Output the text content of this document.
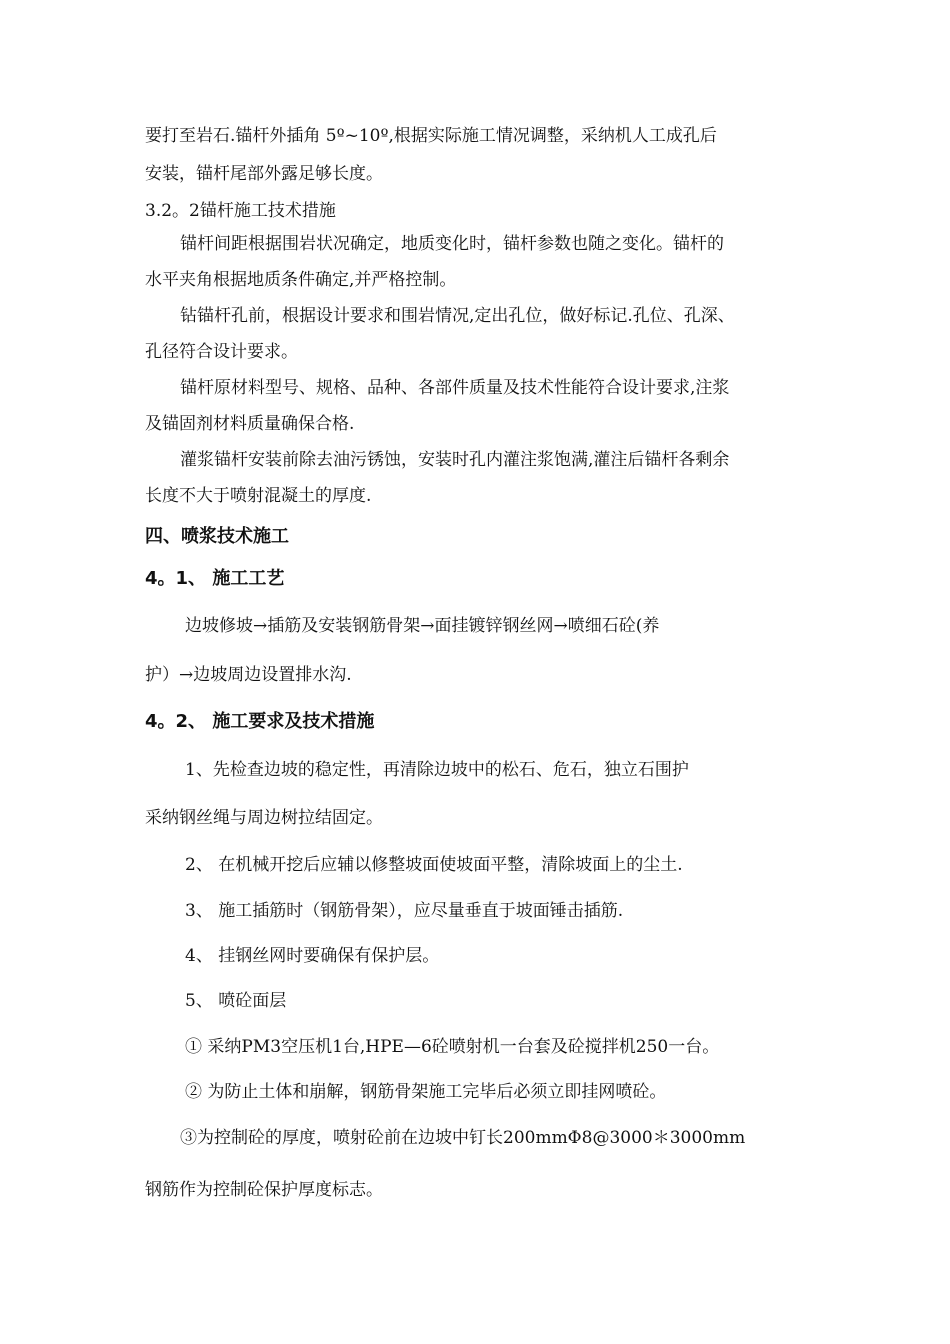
要打至岩石.锚杆外插角 5º~10º,根据实际施工情况调整，采纳机人工成孔后
安装，锚杆尾部外露足够长度。
3.2。2锚杆施工技术措施
锚杆间距根据围岩状况确定，地质变化时，锚杆参数也随之变化。锚杆的
水平夹角根据地质条件确定,并严格控制。
钻锚杆孔前，根据设计要求和围岩情况,定出孔位，做好标记.孔位、孔深、
孔径符合设计要求。
锚杆原材料型号、规格、品种、各部件质量及技术性能符合设计要求,注浆
及锚固剂材料质量确保合格.
灌浆锚杆安装前除去油污锈蚀，安装时孔内灌注浆饱满,灌注后锚杆各剩余
长度不大于喷射混凝土的厚度.
四、喷浆技术施工
4。1、 施工工艺
边坡修坡→插筋及安装钢筋骨架→面挂镀锌钢丝网→喷细石砼(养
护）→边坡周边设置排水沟.
4。2、 施工要求及技术措施
1、先检查边坡的稳定性，再清除边坡中的松石、危石，独立石围护
采纳钢丝绳与周边树拉结固定。
2、 在机械开挖后应辅以修整坡面使坡面平整，清除坡面上的尘土.
3、 施工插筋时（钢筋骨架），应尽量垂直于坡面锤击插筋.
4、 挂钢丝网时要确保有保护层。
5、 喷砼面层
① 采纳PM3空压机1台,HPE—6砼喷射机一台套及砼搅拌机250一台。
② 为防止土体和崩解，钢筋骨架施工完毕后必须立即挂网喷砼。
③为控制砼的厚度，喷射砼前在边坡中钉长200mmΦ8@3000＊3000mm
钢筋作为控制砼保护厚度标志。
